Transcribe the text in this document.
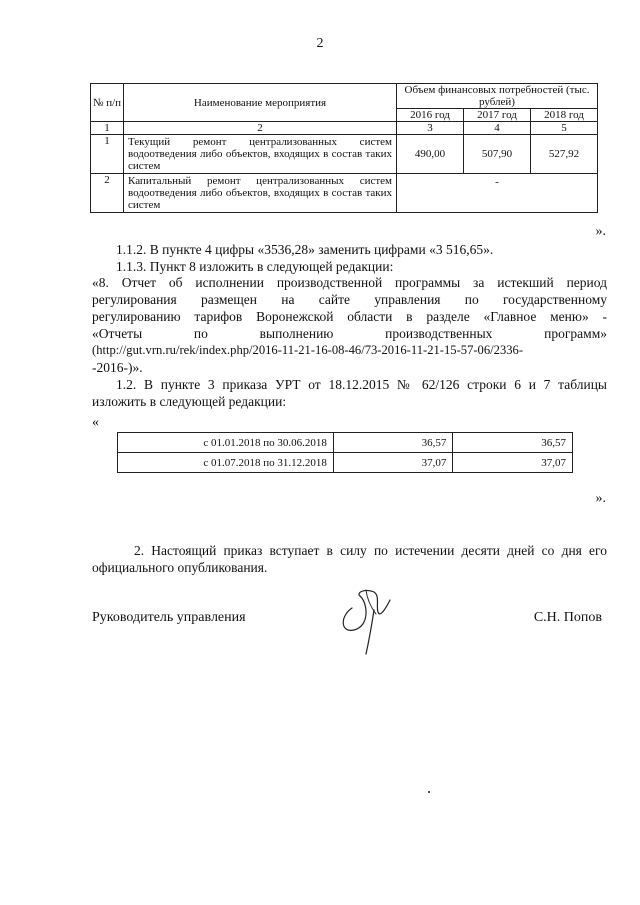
2
№ п/п	Наименование мероприятия	Объем финансовых потребностей (тыс. рублей)		
		2016 год	2017 год	2018 год
1	2	3	4	5
1	Текущий ремонт централизованных систем водоотведения либо объектов, входящих в состав таких систем	490,00	507,90	527,92
2	Капитальный ремонт централизованных систем водоотведения либо объектов, входящих в состав таких систем	-		
».
1.1.2. В пункте 4 цифры «3536,28» заменить цифрами «3 516,65».
1.1.3. Пункт 8 изложить в следующей редакции:
«8. Отчет об исполнении производственной программы за истекший период
регулирования размещен на сайте управления по государственному
регулированию тарифов Воронежской области в разделе «Главное меню» -
«Отчеты по выполнению производственных программ»
(http://gut.vrn.ru/rek/index.php/2016-11-21-16-08-46/73-2016-11-21-15-57-06/2336-
-2016-)».
1.2. В пункте 3 приказа УРТ от 18.12.2015 № 62/126 строки 6 и 7 таблицы
изложить в следующей редакции:
«
с 01.01.2018 по 30.06.2018	36,57	36,57
с 01.07.2018 по 31.12.2018	37,07	37,07
».
2. Настоящий приказ вступает в силу по истечении десяти дней со дня его
официального опубликования.
Руководитель управления	С.Н. Попов
